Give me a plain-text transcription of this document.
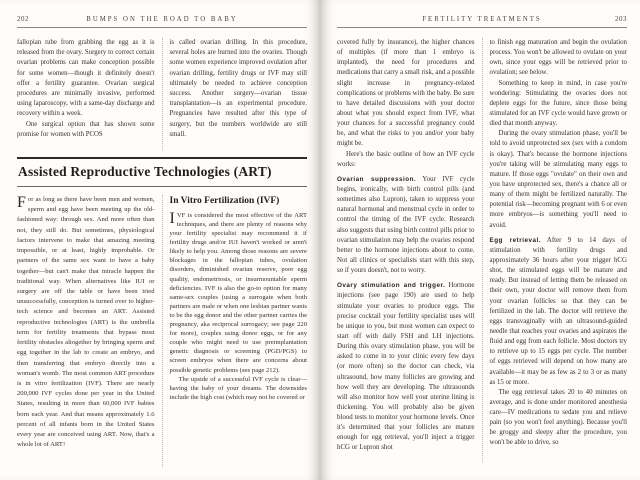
202	BUMPS ON THE ROAD TO BABY

fallopian tube from grabbing the egg as it is released from the ovary. Surgery to correct certain ovarian problems can make conception possible for some women—though it definitely doesn't offer a fertility guarantee. Ovarian surgical procedures are minimally invasive, performed using laparoscopy, with a same-day discharge and recovery within a week.

One surgical option that has shown some promise for women with PCOS

is called ovarian drilling. In this procedure, several holes are burned into the ovaries. Though some women experience improved ovulation after ovarian drilling, fertility drugs or IVF may still ultimately be needed to achieve conception success. Another surgery—ovarian tissue transplantation—is an experimental procedure. Pregnancies have resulted after this type of surgery, but the numbers worldwide are still small.

Assisted Reproductive Technologies (ART)

For as long as there have been men and women, sperm and egg have been meeting up the old-fashioned way: through sex. And more often than not, they still do. But sometimes, physiological factors intervene to make that amazing meeting impossible, or at least, highly improbable. Or partners of the same sex want to have a baby together—but can't make that miracle happen the traditional way. When alternatives like IUI or surgery are off the table or have been tried unsuccessfully, conception is turned over to higher-tech science and becomes an ART. Assisted reproductive technologies (ART) is the umbrella term for fertility treatments that bypass most fertility obstacles altogether by bringing sperm and egg together in the lab to create an embryo, and then transferring that embryo directly into a woman's womb. The most common ART procedure is in vitro fertilization (IVF). There are nearly 200,000 IVF cycles done per year in the United States, resulting in more than 60,000 IVF babies born each year. And that means approximately 1.6 percent of all infants born in the United States every year are conceived using ART. Now, that's a whole lot of ART!

In Vitro Fertilization (IVF)

IVF is considered the most effective of the ART techniques, and there are plenty of reasons why your fertility specialist may recommend it if fertility drugs and/or IUI haven't worked or aren't likely to help you. Among those reasons are severe blockages in the fallopian tubes, ovulation disorders, diminished ovarian reserve, poor egg quality, endometriosis, or insurmountable sperm deficiencies. IVF is also the go-to option for many same-sex couples (using a surrogate when both partners are male or when one lesbian partner wants to be the egg donor and the other partner carries the pregnancy, aka reciprocal surrogacy; see page 220 for more), couples using donor eggs, or for any couple who might need to use preimplantation genetic diagnosis or screening (PGD/PGS) to screen embryos when there are concerns about possible genetic problems (see page 212).

The upside of a successful IVF cycle is clear—having the baby of your dreams. The downsides include the high cost (which may not be covered or

FERTILITY TREATMENTS	203

covered fully by insurance), the higher chances of multiples (if more than 1 embryo is implanted), the need for procedures and medications that carry a small risk, and a possible slight increase in pregnancy-related complications or problems with the baby. Be sure to have detailed discussions with your doctor about what you should expect from IVF, what your chances for a successful pregnancy could be, and what the risks to you and/or your baby might be.

Here's the basic outline of how an IVF cycle works:

Ovarian suppression. Your IVF cycle begins, ironically, with birth control pills (and sometimes also Lupron), taken to suppress your natural hormonal and menstrual cycle in order to control the timing of the IVF cycle. Research also suggests that using birth control pills prior to ovarian stimulation may help the ovaries respond better to the hormone injections about to come. Not all clinics or specialists start with this step, so if yours doesn't, not to worry.

Ovary stimulation and trigger. Hormone injections (see page 190) are used to help stimulate your ovaries to produce eggs. The precise cocktail your fertility specialist uses will be unique to you, but most women can expect to start off with daily FSH and LH injections. During this ovary stimulation phase, you will be asked to come in to your clinic every few days (or more often) so the doctor can check, via ultrasound, how many follicles are growing and how well they are developing. The ultrasounds will also monitor how well your uterine lining is thickening. You will probably also be given blood tests to monitor your hormone levels. Once it's determined that your follicles are mature enough for egg retrieval, you'll inject a trigger hCG or Lupron shot

to finish egg maturation and begin the ovulation process. You won't be allowed to ovulate on your own, since your eggs will be retrieved prior to ovulation; see below.

Something to keep in mind, in case you're wondering: Stimulating the ovaries does not deplete eggs for the future, since those being stimulated for an IVF cycle would have grown or died that month anyway.

During the ovary stimulation phase, you'll be told to avoid unprotected sex (sex with a condom is okay). That's because the hormone injections you're taking will be stimulating many eggs to mature. If those eggs "ovulate" on their own and you have unprotected sex, there's a chance all or many of them might be fertilized naturally. The potential risk—becoming pregnant with 6 or even more embryos—is something you'll need to avoid.

Egg retrieval. After 9 to 14 days of stimulation with fertility drugs and approximately 36 hours after your trigger hCG shot, the stimulated eggs will be mature and ready. But instead of letting them be released on their own, your doctor will remove them from your ovarian follicles so that they can be fertilized in the lab. The doctor will retrieve the eggs transvaginally with an ultrasound-guided needle that reaches your ovaries and aspirates the fluid and egg from each follicle. Most doctors try to retrieve up to 15 eggs per cycle. The number of eggs retrieved will depend on how many are available—it may be as few as 2 to 3 or as many as 15 or more.

The egg retrieval takes 20 to 40 minutes on average, and is done under monitored anesthesia care—IV medications to sedate you and relieve pain (so you won't feel anything). Because you'll be groggy and sleepy after the procedure, you won't be able to drive, so
